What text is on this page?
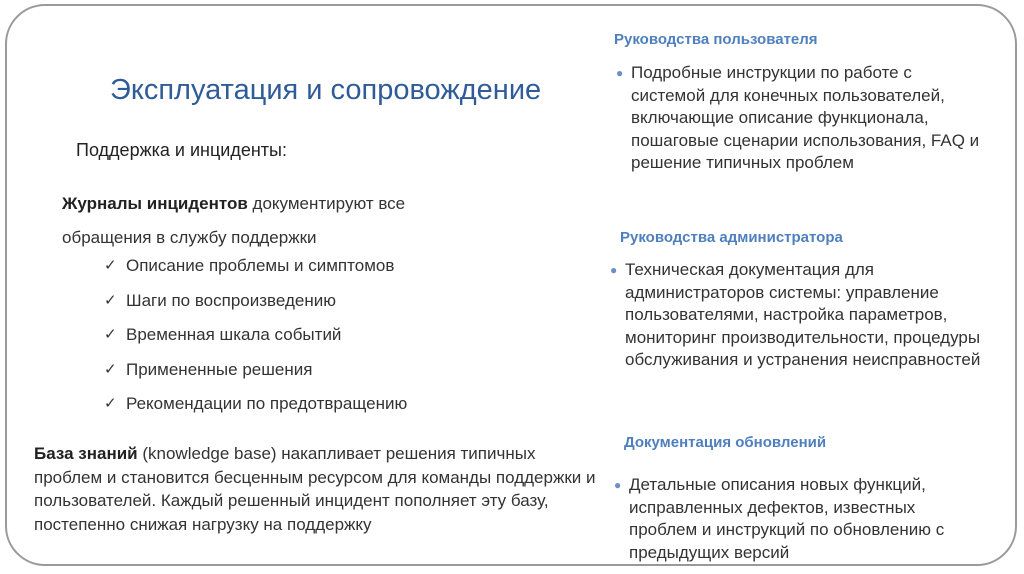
Эксплуатация и сопровождение
Поддержка и инциденты:
Журналы инцидентов документируют все обращения в службу поддержки
✓ Описание проблемы и симптомов
✓ Шаги по воспроизведению
✓ Временная шкала событий
✓ Примененные решения
✓ Рекомендации по предотвращению
База знаний (knowledge base) накапливает решения типичных проблем и становится бесценным ресурсом для команды поддержки и пользователей. Каждый решенный инцидент пополняет эту базу, постепенно снижая нагрузку на поддержку
Руководства пользователя
● Подробные инструкции по работе с системой для конечных пользователей, включающие описание функционала, пошаговые сценарии использования, FAQ и решение типичных проблем
Руководства администратора
● Техническая документация для администраторов системы: управление пользователями, настройка параметров, мониторинг производительности, процедуры обслуживания и устранения неисправностей
Документация обновлений
● Детальные описания новых функций, исправленных дефектов, известных проблем и инструкций по обновлению с предыдущих версий
